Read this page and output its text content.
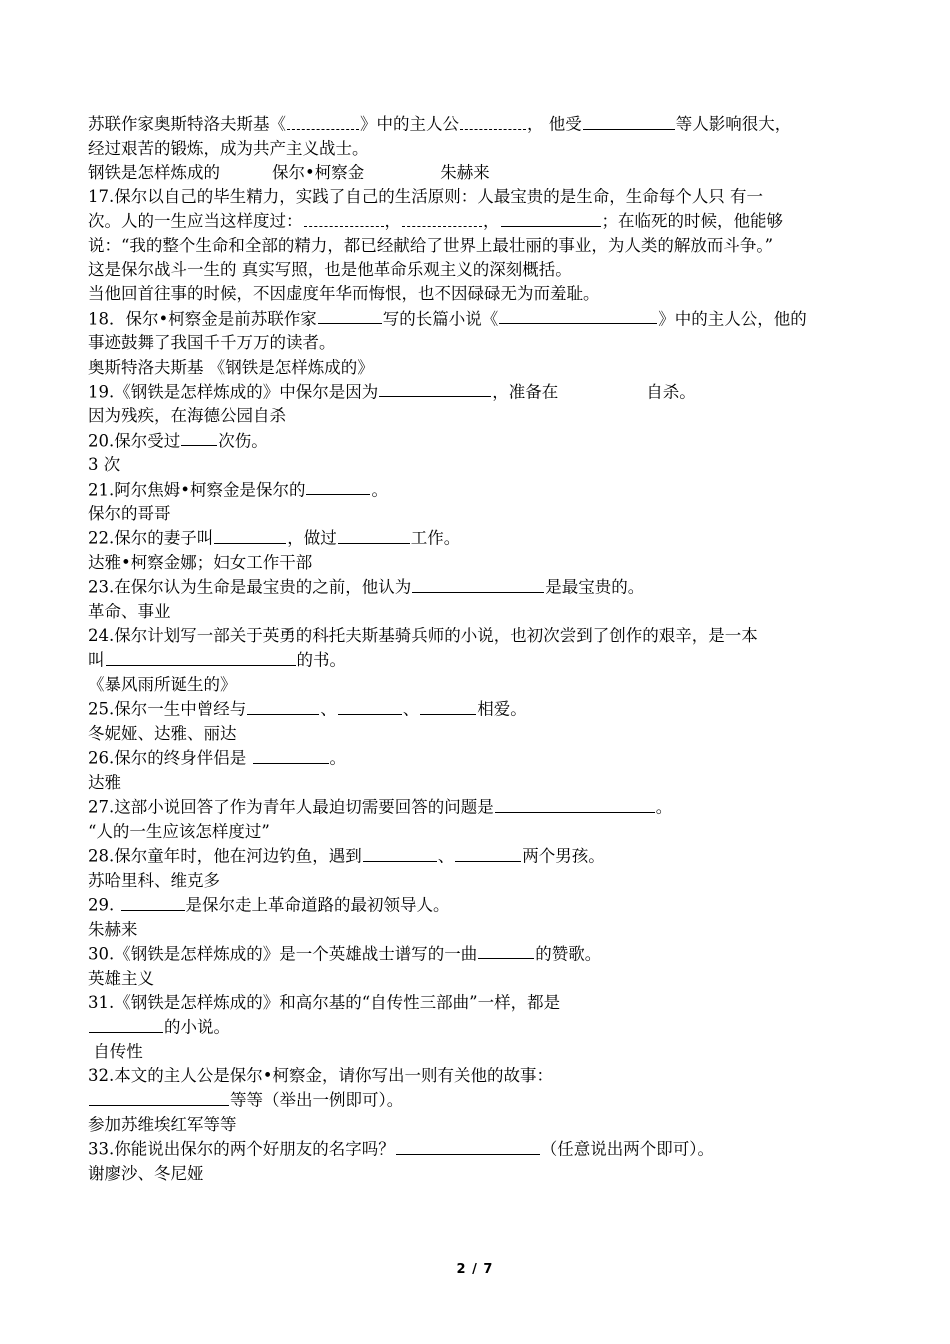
苏联作家奥斯特洛夫斯基《	》中的主人公	， 他受	等人影响很大，
经过艰苦的锻炼，成为共产主义战士。
钢铁是怎样炼成的	保尔•柯察金	朱赫来
17.保尔以自己的毕生精力，实践了自己的生活原则：人最宝贵的是生命，生命每个人只 有一
次。人的一生应当这样度过：	，	，	；在临死的时候，他能够
说：“我的整个生命和全部的精力，都已经献给了世界上最壮丽的事业，为人类的解放而斗争。”
这是保尔战斗一生的 真实写照，也是他革命乐观主义的深刻概括。
当他回首往事的时候，不因虚度年华而悔恨，也不因碌碌无为而羞耻。
18．保尔•柯察金是前苏联作家	写的长篇小说《	》中的主人公，他的
事迹鼓舞了我国千千万万的读者。
奥斯特洛夫斯基 《钢铁是怎样炼成的》
19.《钢铁是怎样炼成的》中保尔是因为	，准备在	自杀。
因为残疾，在海德公园自杀
20.保尔受过 次伤。
3 次
21.阿尔焦姆•柯察金是保尔的	。
保尔的哥哥
22.保尔的妻子叫	，做过	工作。
达雅•柯察金娜；妇女工作干部
23.在保尔认为生命是最宝贵的之前，他认为	是最宝贵的。
革命、事业
24.保尔计划写一部关于英勇的科托夫斯基骑兵师的小说，也初次尝到了创作的艰辛，是一本
叫	的书。
《暴风雨所诞生的》
25.保尔一生中曾经与	、	、	相爱。
冬妮娅、达雅、丽达
26.保尔的终身伴侣是	。
达雅
27.这部小说回答了作为青年人最迫切需要回答的问题是	。
“人的一生应该怎样度过”
28.保尔童年时，他在河边钓鱼，遇到	、	两个男孩。
苏哈里科、维克多
29.	是保尔走上革命道路的最初领导人。
朱赫来
30.《钢铁是怎样炼成的》是一个英雄战士谱写的一曲	的赞歌。
英雄主义
31.《钢铁是怎样炼成的》和高尔基的“自传性三部曲”一样，都是
的小说。
自传性
32.本文的主人公是保尔•柯察金，请你写出一则有关他的故事：
等等（举出一例即可）。
参加苏维埃红军等等
33.你能说出保尔的两个好朋友的名字吗？	（任意说出两个即可）。
谢廖沙、冬尼娅
2 / 7
